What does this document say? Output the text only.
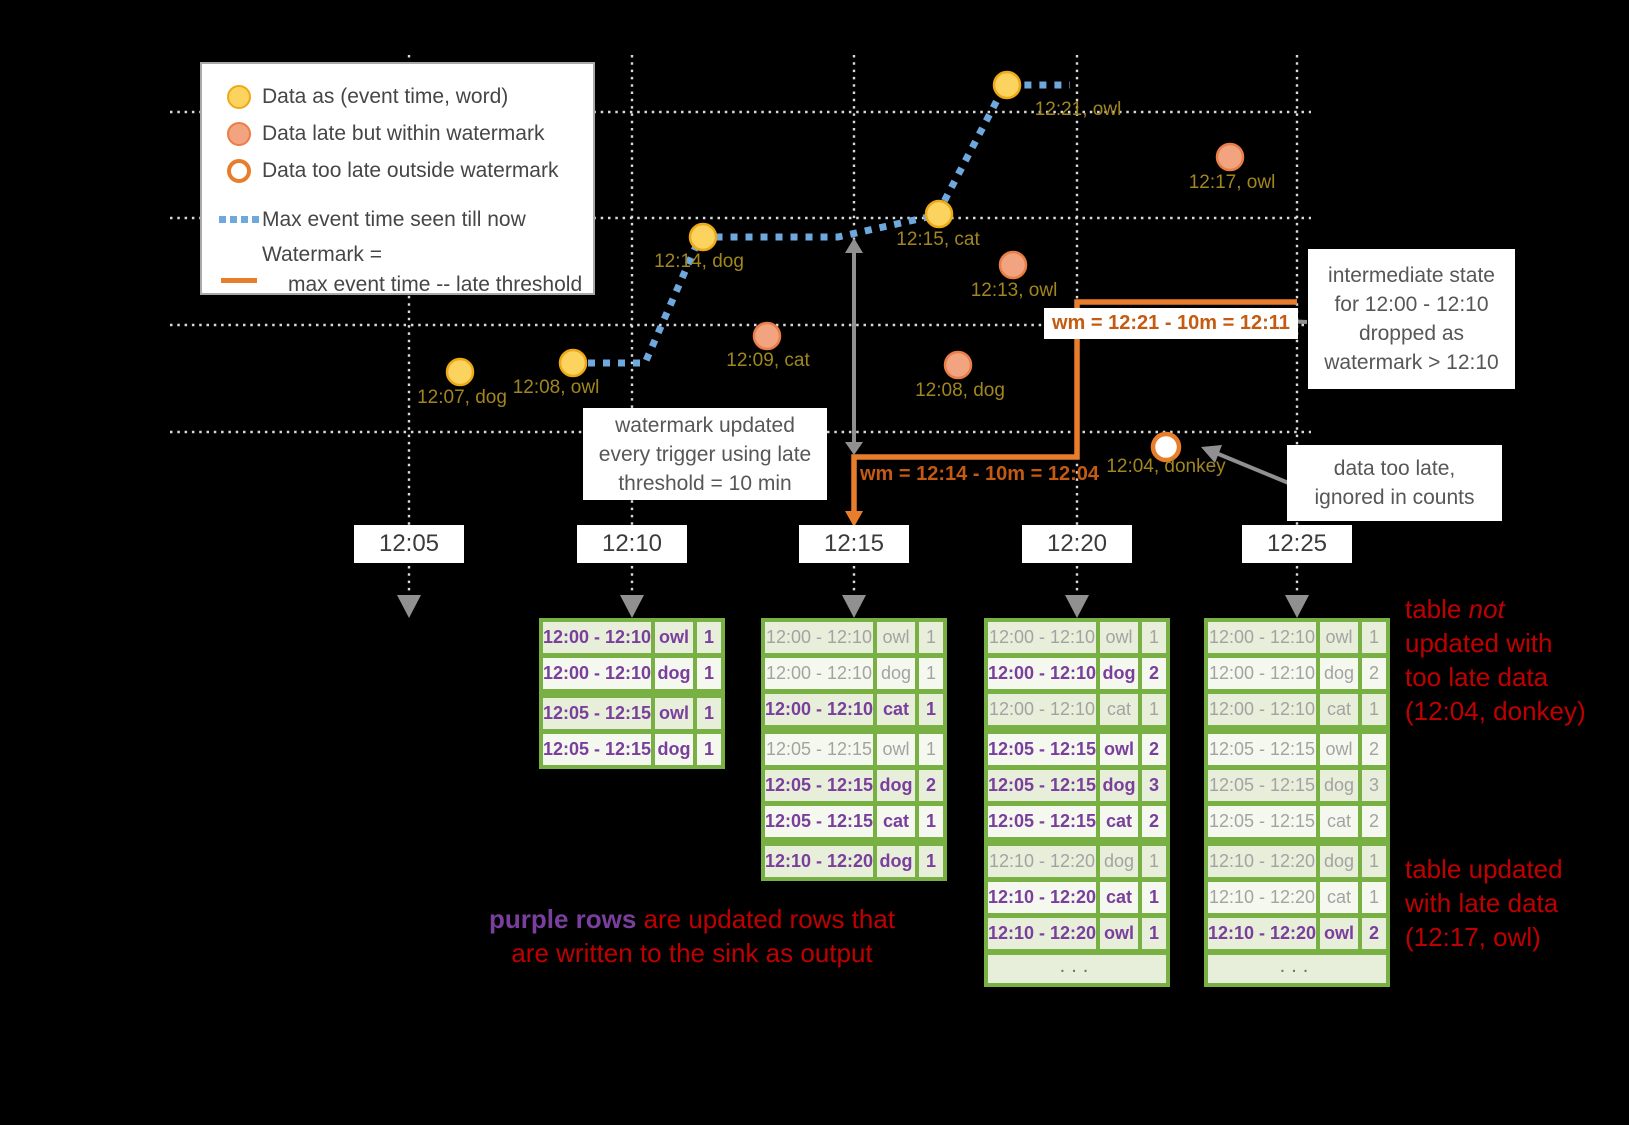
Data as (event time, word)
Data late but within watermark
Data too late outside watermark
Max event time seen till now
Watermark =
max event time -- late threshold
12:05	12:10	12:15	12:20	12:25
12:07, dog 12:08, owl
12:14, dog
12:15, cat
12:21, owl
12:09, cat
12:13, owl
12:08, dog
12:17, owl
12:04, donkey
wm = 12:14 - 10m = 12:04
wm = 12:21 - 10m = 12:11
watermark updated
every trigger using late
threshold = 10 min
intermediate state
for 12:00 - 12:10
dropped as
watermark > 12:10
data too late,
ignored in counts
12:00 - 12:10 owl 1
12:00 - 12:10 dog 1
12:05 - 12:15 owl 1
12:05 - 12:15 dog 1
12:00 - 12:10 owl 1
12:00 - 12:10 dog 1
12:00 - 12:10 cat 1
12:05 - 12:15 owl 1
12:05 - 12:15 dog 2
12:05 - 12:15 cat 1
12:10 - 12:20 dog 1
12:00 - 12:10 owl 1
12:00 - 12:10 dog 2
12:00 - 12:10 cat 1
12:05 - 12:15 owl 2
12:05 - 12:15 dog 3
12:05 - 12:15 cat 2
12:10 - 12:20 dog 1
12:10 - 12:20 cat 1
12:10 - 12:20 owl 1
...
12:00 - 12:10 owl 1
12:00 - 12:10 dog 2
12:00 - 12:10 cat 1
12:05 - 12:15 owl 2
12:05 - 12:15 dog 3
12:05 - 12:15 cat 2
12:10 - 12:20 dog 1
12:10 - 12:20 cat 1
12:10 - 12:20 owl 2
...
purple rows are updated rows that
are written to the sink as output
table not
updated with
too late data
(12:04, donkey)
table updated
with late data
(12:17, owl)
